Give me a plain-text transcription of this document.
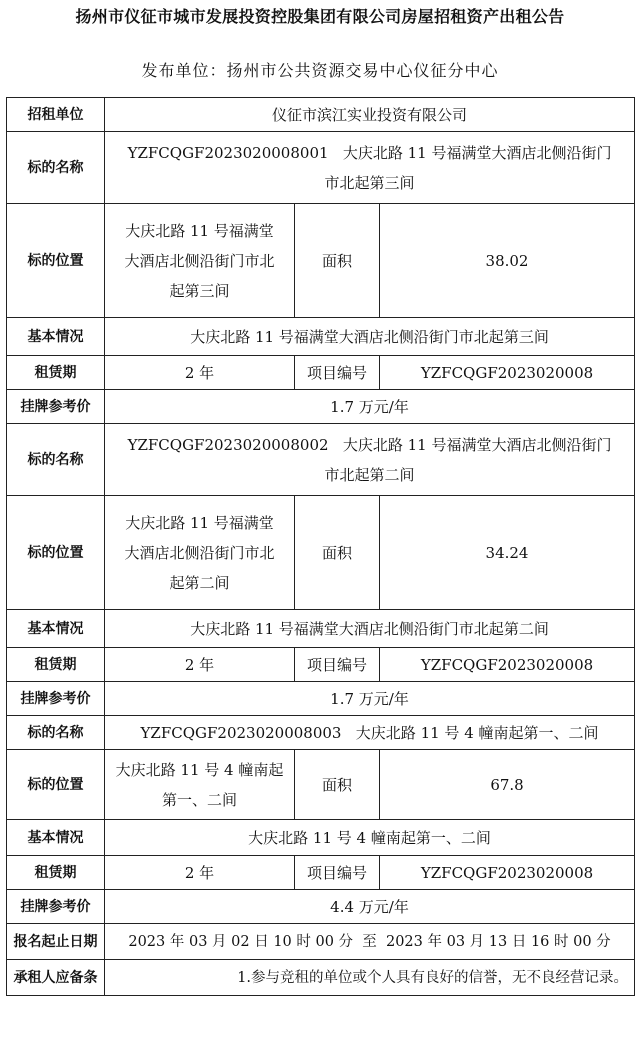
扬州市仪征市城市发展投资控股集团有限公司房屋招租资产出租公告
发布单位：扬州市公共资源交易中心仪征分中心
招租单位	仪征市滨江实业投资有限公司		
标的名称	YZFCQGF2023020008001 大庆北路 11 号福满堂大酒店北侧沿街门
市北起第三间		

标的位置	大庆北路 11 号福满堂
大酒店北侧沿街门市北
起第三间	面积	38.02
基本情况	大庆北路 11 号福满堂大酒店北侧沿街门市北起第三间		
租赁期	2 年	项目编号	YZFCQGF2023020008
挂牌参考价	1.7 万元/年		
标的名称	YZFCQGF2023020008002 大庆北路 11 号福满堂大酒店北侧沿街门
市北起第二间		

标的位置	大庆北路 11 号福满堂
大酒店北侧沿街门市北
起第二间	面积	34.24
基本情况	大庆北路 11 号福满堂大酒店北侧沿街门市北起第二间		
租赁期	2 年	项目编号	YZFCQGF2023020008
挂牌参考价	1.7 万元/年		
标的名称	YZFCQGF2023020008003 大庆北路 11 号 4 幢南起第一、二间		
标的位置	大庆北路 11 号 4 幢南起
第一、二间	面积	67.8
基本情况	大庆北路 11 号 4 幢南起第一、二间		
租赁期	2 年	项目编号	YZFCQGF2023020008
挂牌参考价	4.4 万元/年		
报名起止日期	2023 年 03 月 02 日 10 时 00 分  至  2023 年 03 月 13 日 16 时 00 分		
承租人应备条	1.参与竞租的单位或个人具有良好的信誉，无不良经营记录。		
